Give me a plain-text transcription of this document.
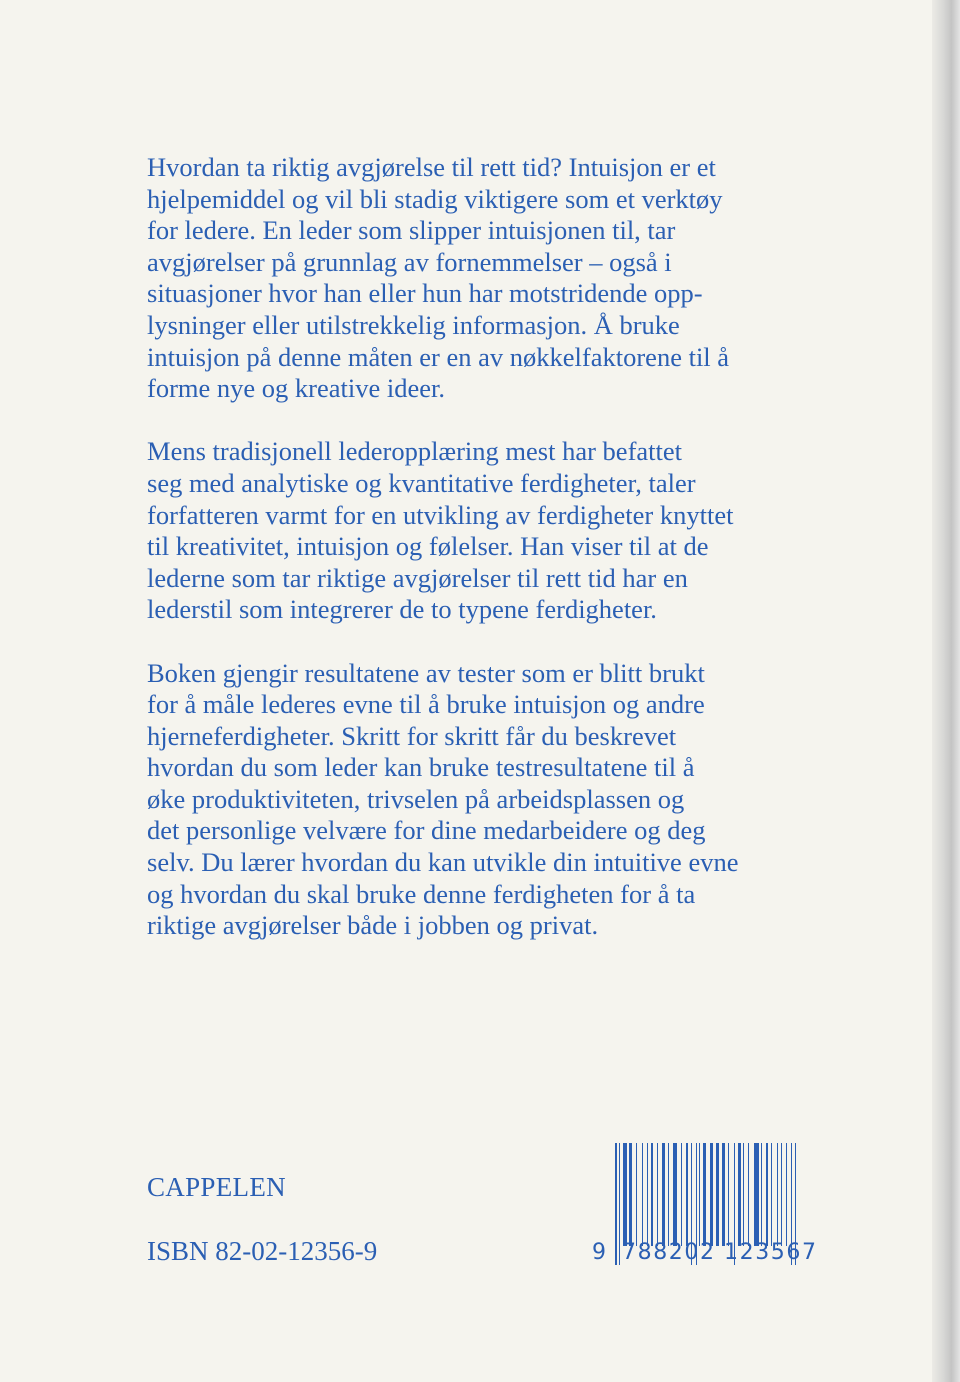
Hvordan ta riktig avgjørelse til rett tid? Intuisjon er et
hjelpemiddel og vil bli stadig viktigere som et verktøy
for ledere. En leder som slipper intuisjonen til, tar
avgjørelser på grunnlag av fornemmelser – også i
situasjoner hvor han eller hun har motstridende opp-
lysninger eller utilstrekkelig informasjon. Å bruke
intuisjon på denne måten er en av nøkkelfaktorene til å
forme nye og kreative ideer.
Mens tradisjonell lederopplæring mest har befattet
seg med analytiske og kvantitative ferdigheter, taler
forfatteren varmt for en utvikling av ferdigheter knyttet
til kreativitet, intuisjon og følelser. Han viser til at de
lederne som tar riktige avgjørelser til rett tid har en
lederstil som integrerer de to typene ferdigheter.
Boken gjengir resultatene av tester som er blitt brukt
for å måle lederes evne til å bruke intuisjon og andre
hjerneferdigheter. Skritt for skritt får du beskrevet
hvordan du som leder kan bruke testresultatene til å
øke produktiviteten, trivselen på arbeidsplassen og
det personlige velvære for dine medarbeidere og deg
selv. Du lærer hvordan du kan utvikle din intuitive evne
og hvordan du skal bruke denne ferdigheten for å ta
riktige avgjørelser både i jobben og privat.
CAPPELEN
ISBN 82-02-12356-9	9 788202 123567
